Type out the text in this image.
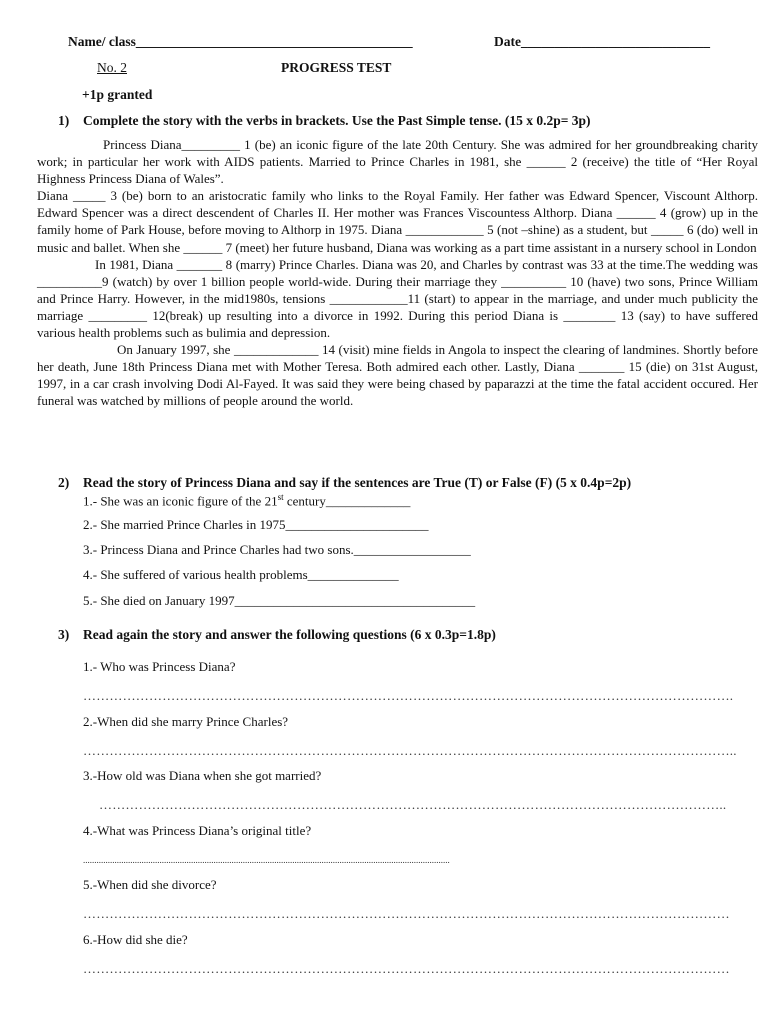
Name/ class_________________________________________	Date____________________________
No. 2	PROGRESS TEST
+1p granted
1) Complete the story with the verbs in brackets. Use the Past Simple tense. (15 x 0.2p= 3p)

Princess Diana_________ 1 (be) an iconic figure of the late 20th Century. She was admired for her groundbreaking charity work; in particular her work with AIDS patients. Married to Prince Charles in 1981, she ______ 2 (receive) the title of “Her Royal Highness Princess Diana of Wales”.

Diana _____ 3 (be) born to an aristocratic family who links to the Royal Family. Her father was Edward Spencer, Viscount Althorp. Edward Spencer was a direct descendent of Charles II. Her mother was Frances Viscountess Althorp. Diana ______ 4 (grow) up in the family home of Park House, before moving to Althorp in 1975. Diana ____________ 5 (not –shine) as a student, but _____ 6 (do) well in music and ballet. When she ______ 7 (meet) her future husband, Diana was working as a part time assistant in a nursery school in London

In 1981, Diana _______ 8 (marry) Prince Charles. Diana was 20, and Charles by contrast was 33 at the time.The wedding was __________9 (watch) by over 1 billion people world-wide. During their marriage they __________ 10 (have) two sons, Prince William and Prince Harry. However, in the mid1980s, tensions ____________11 (start) to appear in the marriage, and under much publicity the marriage _________ 12(break) up resulting into a divorce in 1992. During this period Diana is ________ 13 (say) to have suffered various health problems such as bulimia and depression.

On January 1997, she _____________ 14 (visit) mine fields in Angola to inspect the clearing of landmines. Shortly before her death, June 18th Princess Diana met with Mother Teresa. Both admired each other. Lastly, Diana _______ 15 (die) on 31st August, 1997, in a car crash involving Dodi Al-Fayed. It was said they were being chased by paparazzi at the time the fatal accident occured. Her funeral was watched by millions of people around the world.

2) Read the story of Princess Diana and say if the sentences are True (T) or False (F) (5 x 0.4p=2p)
1.- She was an iconic figure of the 21st century_____________
2.- She married Prince Charles in 1975______________________
3.- Princess Diana and Prince Charles had two sons.__________________
4.- She suffered of various health problems______________
5.- She died on January 1997_____________________________________
3) Read again the story and answer the following questions (6 x 0.3p=1.8p)
1.- Who was Princess Diana?
………………………………………………………………………………………………………………………………….
2.-When did she marry Prince Charles?
…………………………………………………………………………………………………………………………………..
3.-How old was Diana when she got married?
……………………………………………………………………………………………………………………………..
4.-What was Princess Diana’s original title?
...................................................................................................................................................................
5.-When did she divorce?
…………………………………………………………………………………………………………………………………
6.-How did she die?
…………………………………………………………………………………………………………………………………
